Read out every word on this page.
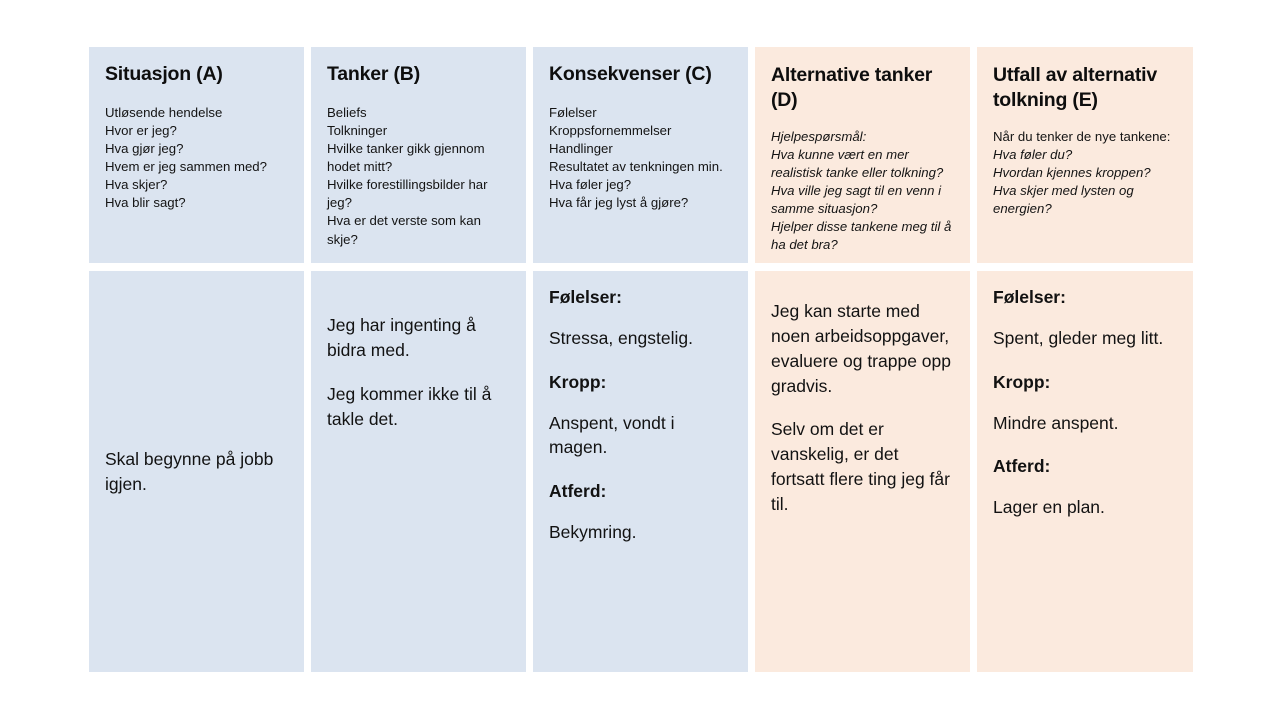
Situasjon (A)
Utløsende hendelse
Hvor er jeg?
Hva gjør jeg?
Hvem er jeg sammen med?
Hva skjer?
Hva blir sagt?
Tanker (B)
Beliefs
Tolkninger
Hvilke tanker gikk gjennom hodet mitt?
Hvilke forestillingsbilder har jeg?
Hva er det verste som kan skje?
Konsekvenser (C)
Følelser
Kroppsfornemmelser
Handlinger
Resultatet av tenkningen min.
Hva føler jeg?
Hva får jeg lyst å gjøre?
Alternative tanker (D)
Hjelpespørsmål:
Hva kunne vært en mer realistisk tanke eller tolkning?
Hva ville jeg sagt til en venn i samme situasjon?
Hjelper disse tankene meg til å ha det bra?
Utfall av alternativ tolkning (E)
Når du tenker de nye tankene:
Hva føler du?
Hvordan kjennes kroppen?
Hva skjer med lysten og energien?

Skal begynne på jobb igjen.

Jeg har ingenting å bidra med.

Jeg kommer ikke til å takle det.

Følelser:

Stressa, engstelig.

Kropp:

Anspent, vondt i magen.

Atferd:

Bekymring.

Jeg kan starte med noen arbeidsoppgaver, evaluere og trappe opp gradvis.

Selv om det er vanskelig, er det fortsatt flere ting jeg får til.

Følelser:

Spent, gleder meg litt.

Kropp:

Mindre anspent.

Atferd:

Lager en plan.
